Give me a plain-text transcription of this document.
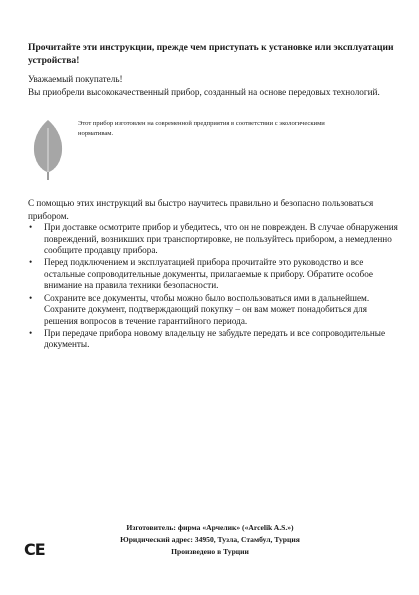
Прочитайте эти инструкции, прежде чем приступать к установке или эксплуатации устройства!
Уважаемый покупатель!
Вы приобрели высококачественный прибор, созданный на основе передовых технологий.
Этот прибор изготовлен на современной предприятия в соответствии с экологическими нормативам.
С помощью этих инструкций вы быстро научитесь правильно и безопасно пользоваться прибором.
• При доставке осмотрите прибор и убедитесь, что он не поврежден. В случае обнаружения повреждений, возникших при транспортировке, не пользуйтесь прибором, а немедленно сообщите продавцу прибора.
• Перед подключением и эксплуатацией прибора прочитайте это руководство и все остальные сопроводительные документы, прилагаемые к прибору. Обратите особое внимание на правила техники безопасности.
• Сохраните все документы, чтобы можно было воспользоваться ими в дальнейшем. Сохраните документ, подтверждающий покупку – он вам может понадобиться для решения вопросов в течение гарантийного периода.
• При передаче прибора новому владельцу не забудьте передать и все сопроводительные документы.
CE
Изготовитель: фирма «Арчелик» («Arcelik A.S.»)
Юридический адрес: 34950, Тузла, Стамбул, Турция
Произведено в Турции
